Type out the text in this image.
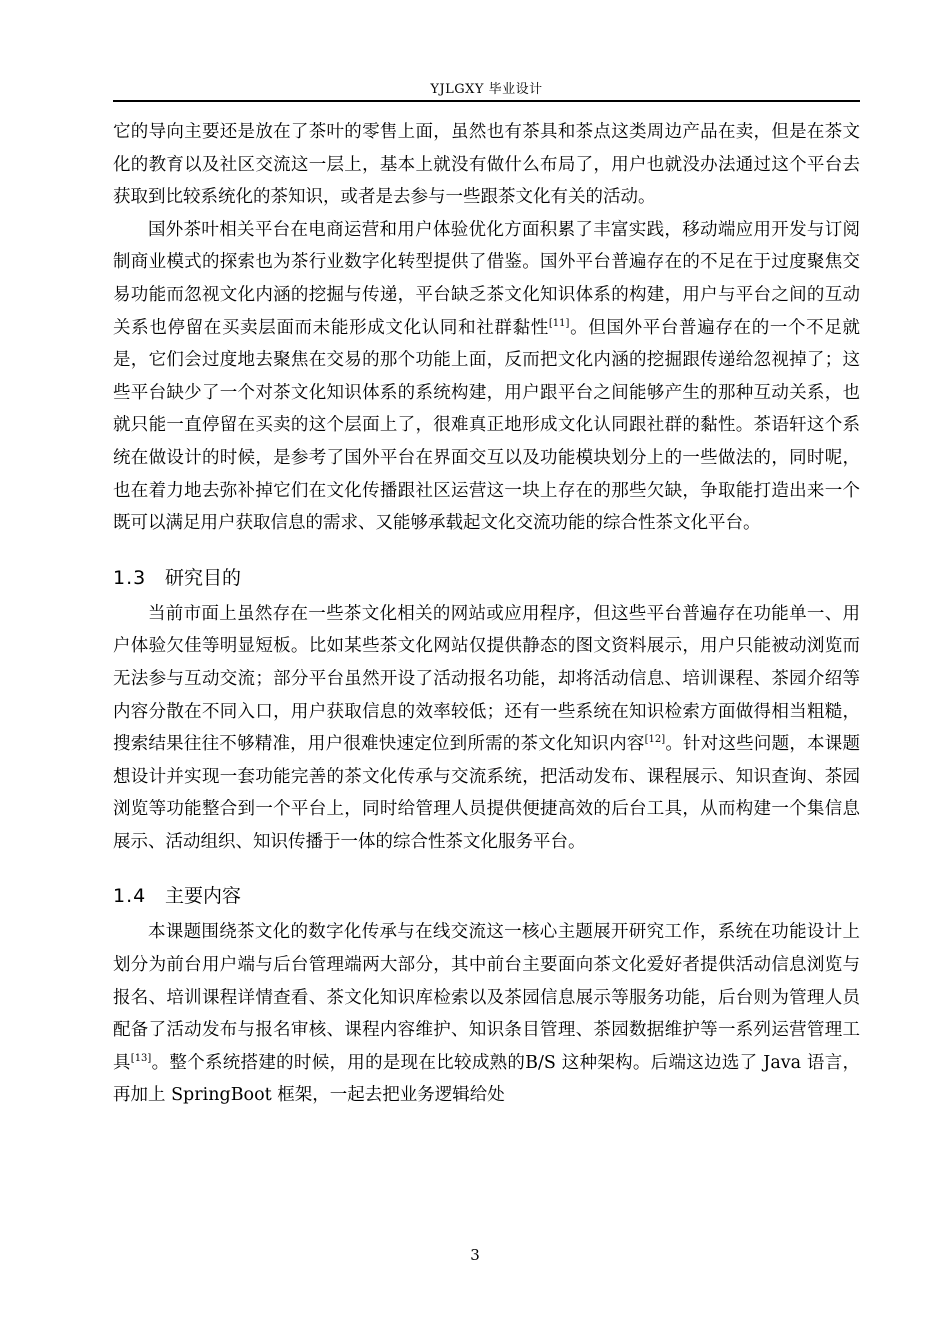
YJLGXY 毕业设计

它的导向主要还是放在了茶叶的零售上面，虽然也有茶具和茶点这类周边产品在卖，但是在茶文化的教育以及社区交流这一层上，基本上就没有做什么布局了，用户也就没办法通过这个平台去获取到比较系统化的茶知识，或者是去参与一些跟茶文化有关的活动。

国外茶叶相关平台在电商运营和用户体验优化方面积累了丰富实践，移动端应用开发与订阅制商业模式的探索也为茶行业数字化转型提供了借鉴。国外平台普遍存在的不足在于过度聚焦交易功能而忽视文化内涵的挖掘与传递，平台缺乏茶文化知识体系的构建，用户与平台之间的互动关系也停留在买卖层面而未能形成文化认同和社群黏性[11]。但国外平台普遍存在的一个不足就是，它们会过度地去聚焦在交易的那个功能上面，反而把文化内涵的挖掘跟传递给忽视掉了；这些平台缺少了一个对茶文化知识体系的系统构建，用户跟平台之间能够产生的那种互动关系，也就只能一直停留在买卖的这个层面上了，很难真正地形成文化认同跟社群的黏性。茶语轩这个系统在做设计的时候，是参考了国外平台在界面交互以及功能模块划分上的一些做法的，同时呢，也在着力地去弥补掉它们在文化传播跟社区运营这一块上存在的那些欠缺，争取能打造出来一个既可以满足用户获取信息的需求、又能够承载起文化交流功能的综合性茶文化平台。

1.3 研究目的

当前市面上虽然存在一些茶文化相关的网站或应用程序，但这些平台普遍存在功能单一、用户体验欠佳等明显短板。比如某些茶文化网站仅提供静态的图文资料展示，用户只能被动浏览而无法参与互动交流；部分平台虽然开设了活动报名功能，却将活动信息、培训课程、茶园介绍等内容分散在不同入口，用户获取信息的效率较低；还有一些系统在知识检索方面做得相当粗糙，搜索结果往往不够精准，用户很难快速定位到所需的茶文化知识内容[12]。针对这些问题，本课题想设计并实现一套功能完善的茶文化传承与交流系统，把活动发布、课程展示、知识查询、茶园浏览等功能整合到一个平台上，同时给管理人员提供便捷高效的后台工具，从而构建一个集信息展示、活动组织、知识传播于一体的综合性茶文化服务平台。

1.4 主要内容

本课题围绕茶文化的数字化传承与在线交流这一核心主题展开研究工作，系统在功能设计上划分为前台用户端与后台管理端两大部分，其中前台主要面向茶文化爱好者提供活动信息浏览与报名、培训课程详情查看、茶文化知识库检索以及茶园信息展示等服务功能，后台则为管理人员配备了活动发布与报名审核、课程内容维护、知识条目管理、茶园数据维护等一系列运营管理工具[13]。整个系统搭建的时候，用的是现在比较成熟的B/S 这种架构。后端这边选了 Java 语言，再加上 SpringBoot 框架，一起去把业务逻辑给处

3
